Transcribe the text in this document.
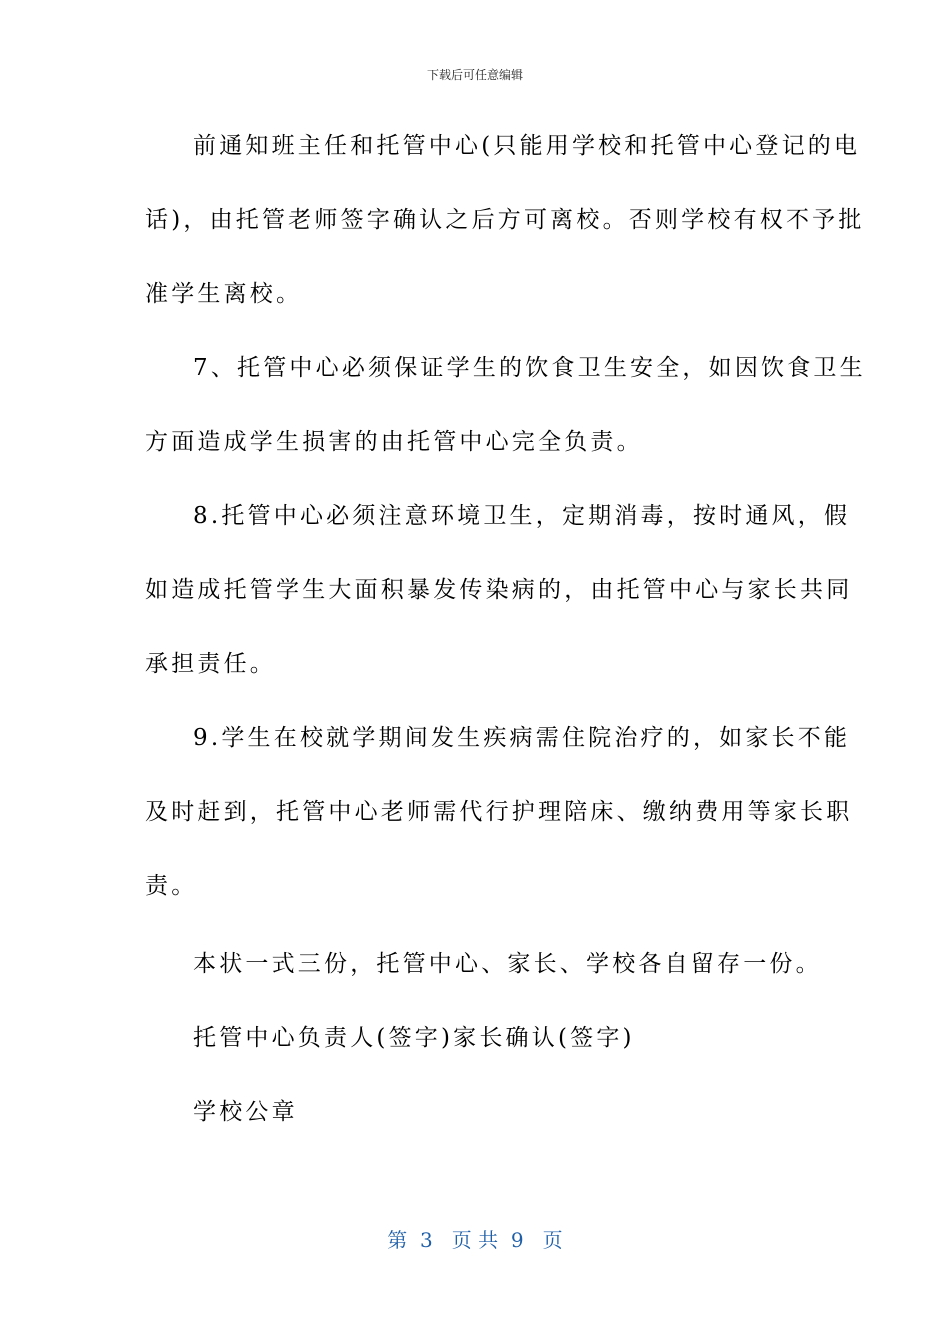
下载后可任意编辑
前通知班主任和托管中心(只能用学校和托管中心登记的电
话)，由托管老师签字确认之后方可离校。否则学校有权不予批
准学生离校。
7、托管中心必须保证学生的饮食卫生安全，如因饮食卫生
方面造成学生损害的由托管中心完全负责。
8.托管中心必须注意环境卫生，定期消毒，按时通风，假
如造成托管学生大面积暴发传染病的，由托管中心与家长共同
承担责任。
9.学生在校就学期间发生疾病需住院治疗的，如家长不能
及时赶到，托管中心老师需代行护理陪床、缴纳费用等家长职
责。
本状一式三份，托管中心、家长、学校各自留存一份。
托管中心负责人(签字)家长确认(签字)
学校公章
第  3   页 共  9   页
